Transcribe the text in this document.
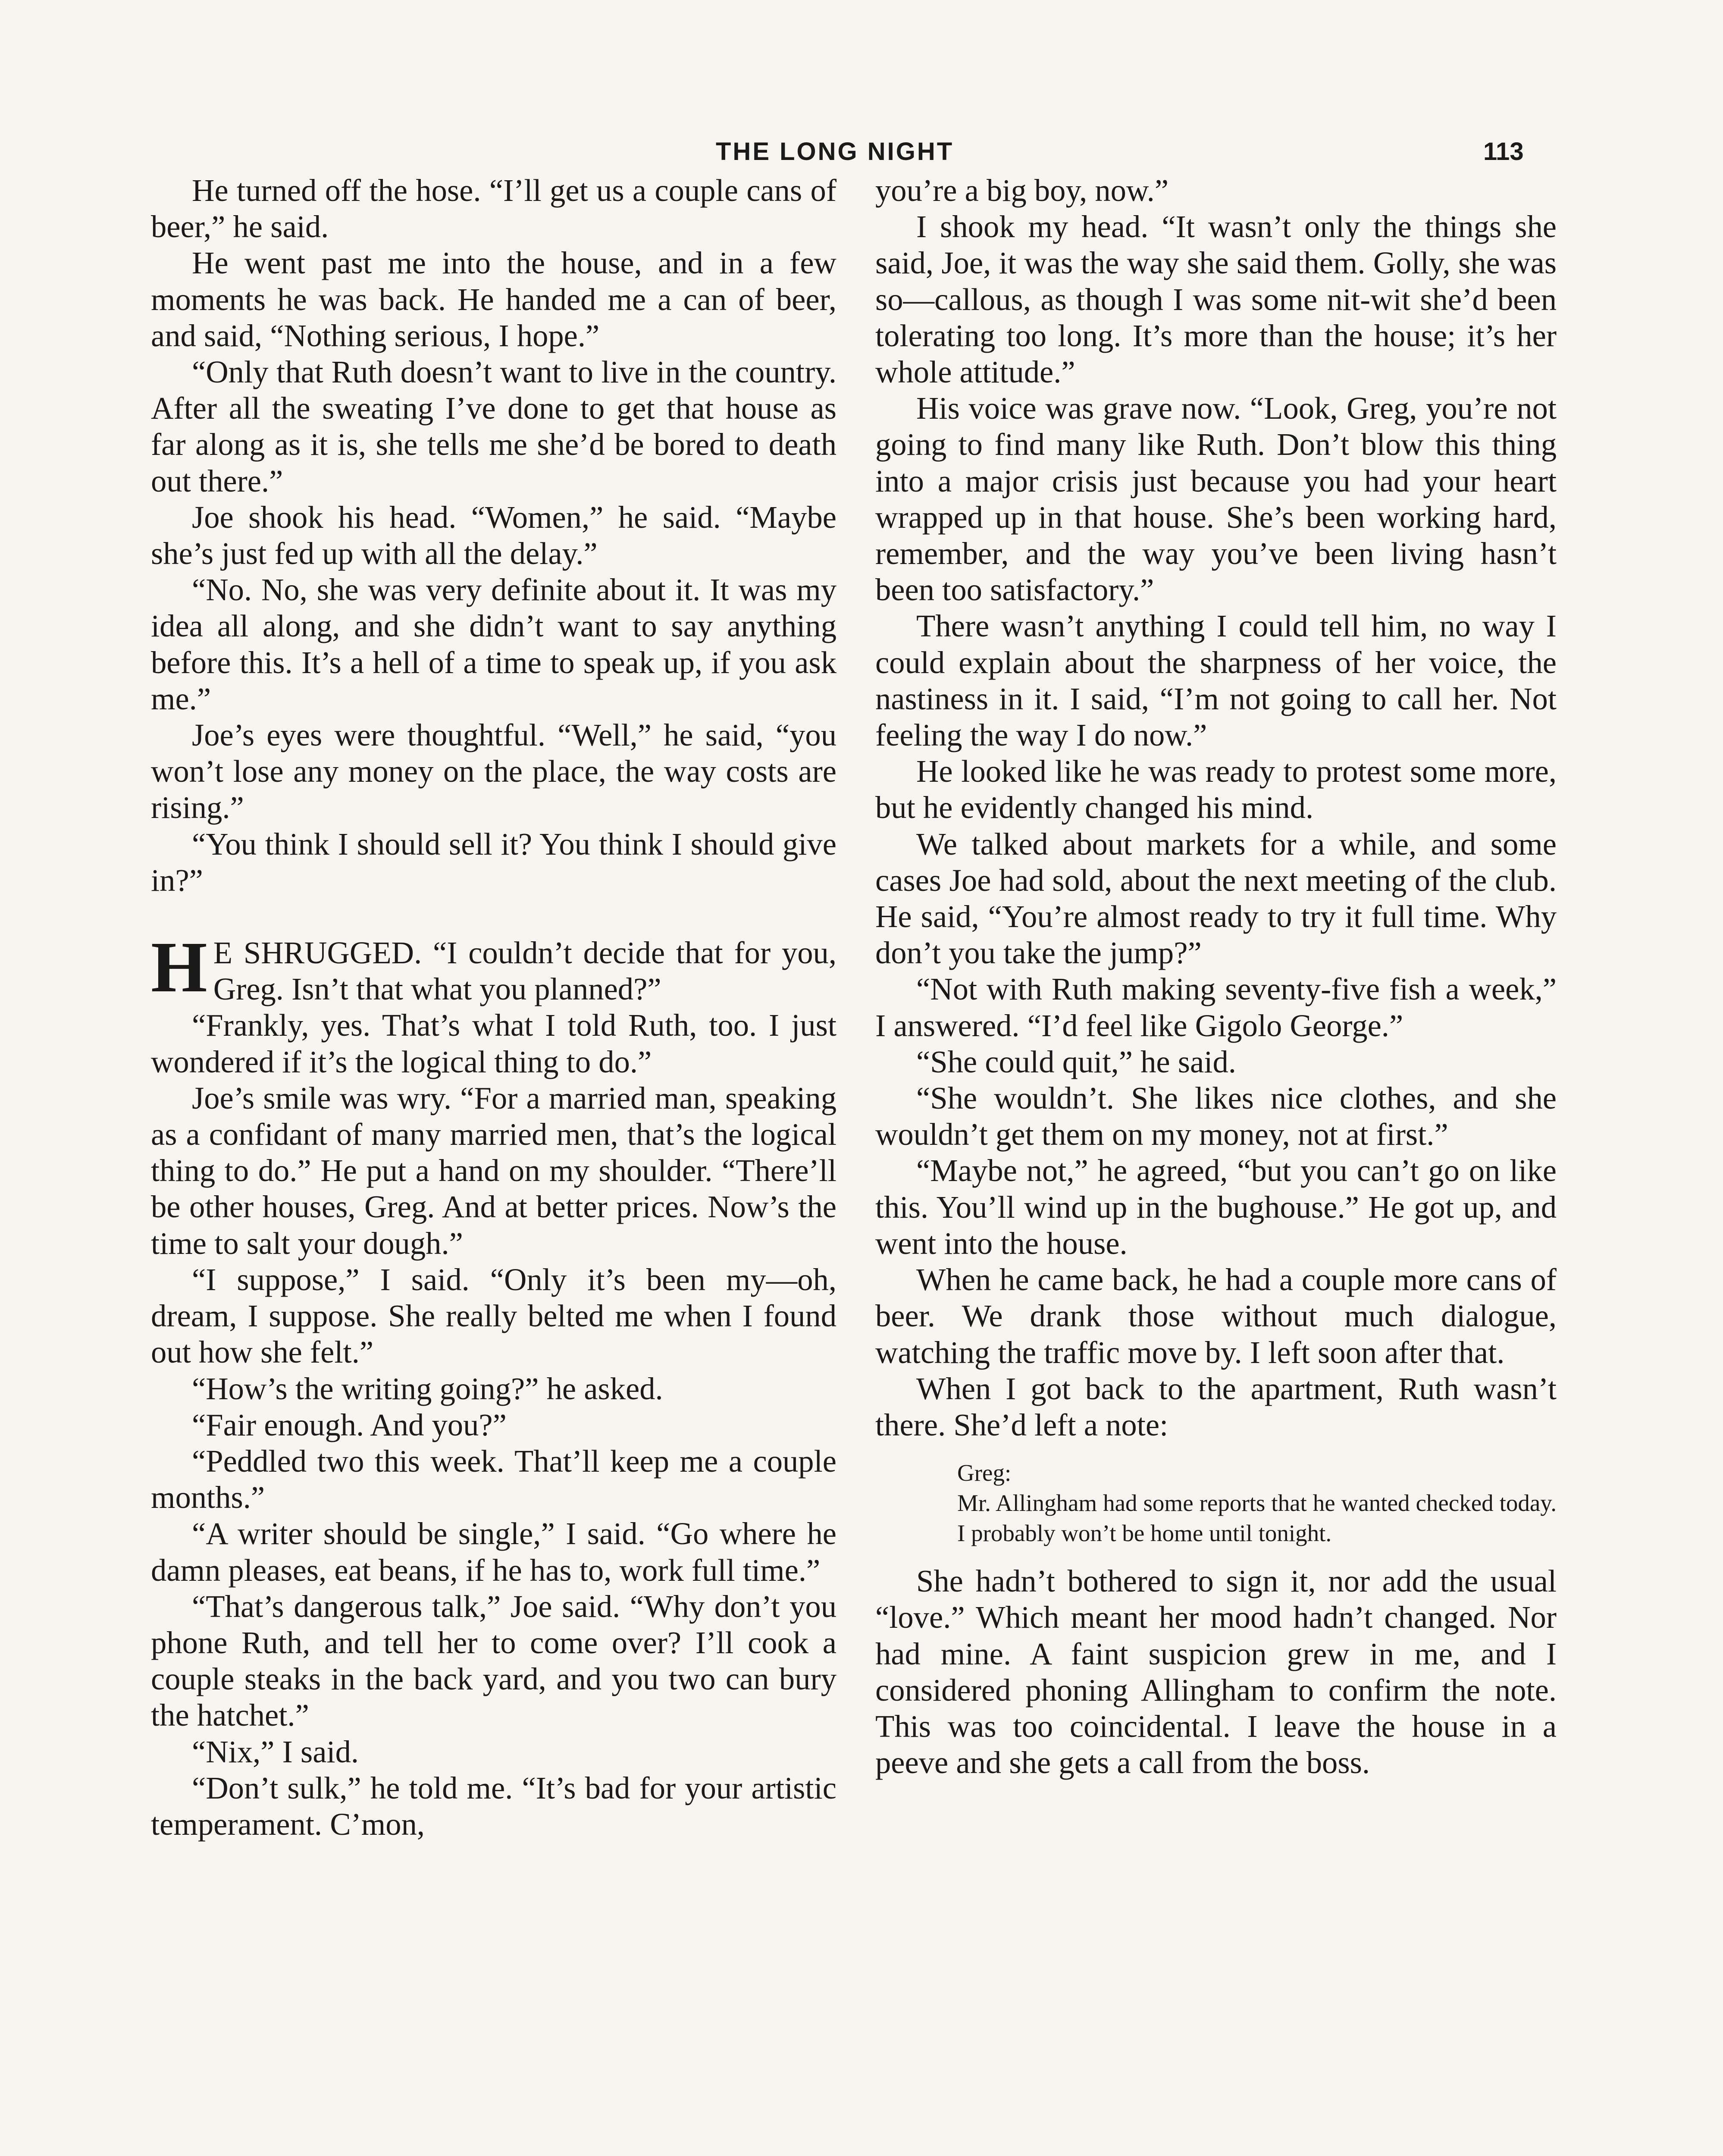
THE LONG NIGHT	113

He turned off the hose. “I’ll get us a couple cans of beer,” he said.

He went past me into the house, and in a few moments he was back. He handed me a can of beer, and said, “Nothing serious, I hope.”

“Only that Ruth doesn’t want to live in the country. After all the sweating I’ve done to get that house as far along as it is, she tells me she’d be bored to death out there.”

Joe shook his head. “Women,” he said. “Maybe she’s just fed up with all the delay.”

“No. No, she was very definite about it. It was my idea all along, and she didn’t want to say anything before this. It’s a hell of a time to speak up, if you ask me.”

Joe’s eyes were thoughtful. “Well,” he said, “you won’t lose any money on the place, the way costs are rising.”

“You think I should sell it? You think I should give in?”

H E SHRUGGED. “I couldn’t decide that for you, Greg. Isn’t that what you planned?”

“Frankly, yes. That’s what I told Ruth, too. I just wondered if it’s the logical thing to do.”

Joe’s smile was wry. “For a married man, speaking as a confidant of many married men, that’s the logical thing to do.” He put a hand on my shoulder. “There’ll be other houses, Greg. And at better prices. Now’s the time to salt your dough.”

“I suppose,” I said. “Only it’s been my—oh, dream, I suppose. She really belted me when I found out how she felt.”

“How’s the writing going?” he asked.

“Fair enough. And you?”

“Peddled two this week. That’ll keep me a couple months.”

“A writer should be single,” I said. “Go where he damn pleases, eat beans, if he has to, work full time.”

“That’s dangerous talk,” Joe said. “Why don’t you phone Ruth, and tell her to come over? I’ll cook a couple steaks in the back yard, and you two can bury the hatchet.”

“Nix,” I said.

“Don’t sulk,” he told me. “It’s bad for your artistic temperament. C’mon,

you’re a big boy, now.”

I shook my head. “It wasn’t only the things she said, Joe, it was the way she said them. Golly, she was so—callous, as though I was some nit-wit she’d been tolerating too long. It’s more than the house; it’s her whole attitude.”

His voice was grave now. “Look, Greg, you’re not going to find many like Ruth. Don’t blow this thing into a major crisis just because you had your heart wrapped up in that house. She’s been working hard, remember, and the way you’ve been living hasn’t been too satisfactory.”

There wasn’t anything I could tell him, no way I could explain about the sharpness of her voice, the nastiness in it. I said, “I’m not going to call her. Not feeling the way I do now.”

He looked like he was ready to protest some more, but he evidently changed his mind.

We talked about markets for a while, and some cases Joe had sold, about the next meeting of the club. He said, “You’re almost ready to try it full time. Why don’t you take the jump?”

“Not with Ruth making seventy-five fish a week,” I answered. “I’d feel like Gigolo George.”

“She could quit,” he said.

“She wouldn’t. She likes nice clothes, and she wouldn’t get them on my money, not at first.”

“Maybe not,” he agreed, “but you can’t go on like this. You’ll wind up in the bughouse.” He got up, and went into the house.

When he came back, he had a couple more cans of beer. We drank those without much dialogue, watching the traffic move by. I left soon after that.

When I got back to the apartment, Ruth wasn’t there. She’d left a note:

Greg:
Mr. Allingham had some reports that he wanted checked today. I probably won’t be home until tonight.

She hadn’t bothered to sign it, nor add the usual “love.” Which meant her mood hadn’t changed. Nor had mine. A faint suspicion grew in me, and I considered phoning Allingham to confirm the note. This was too coincidental. I leave the house in a peeve and she gets a call from the boss.
